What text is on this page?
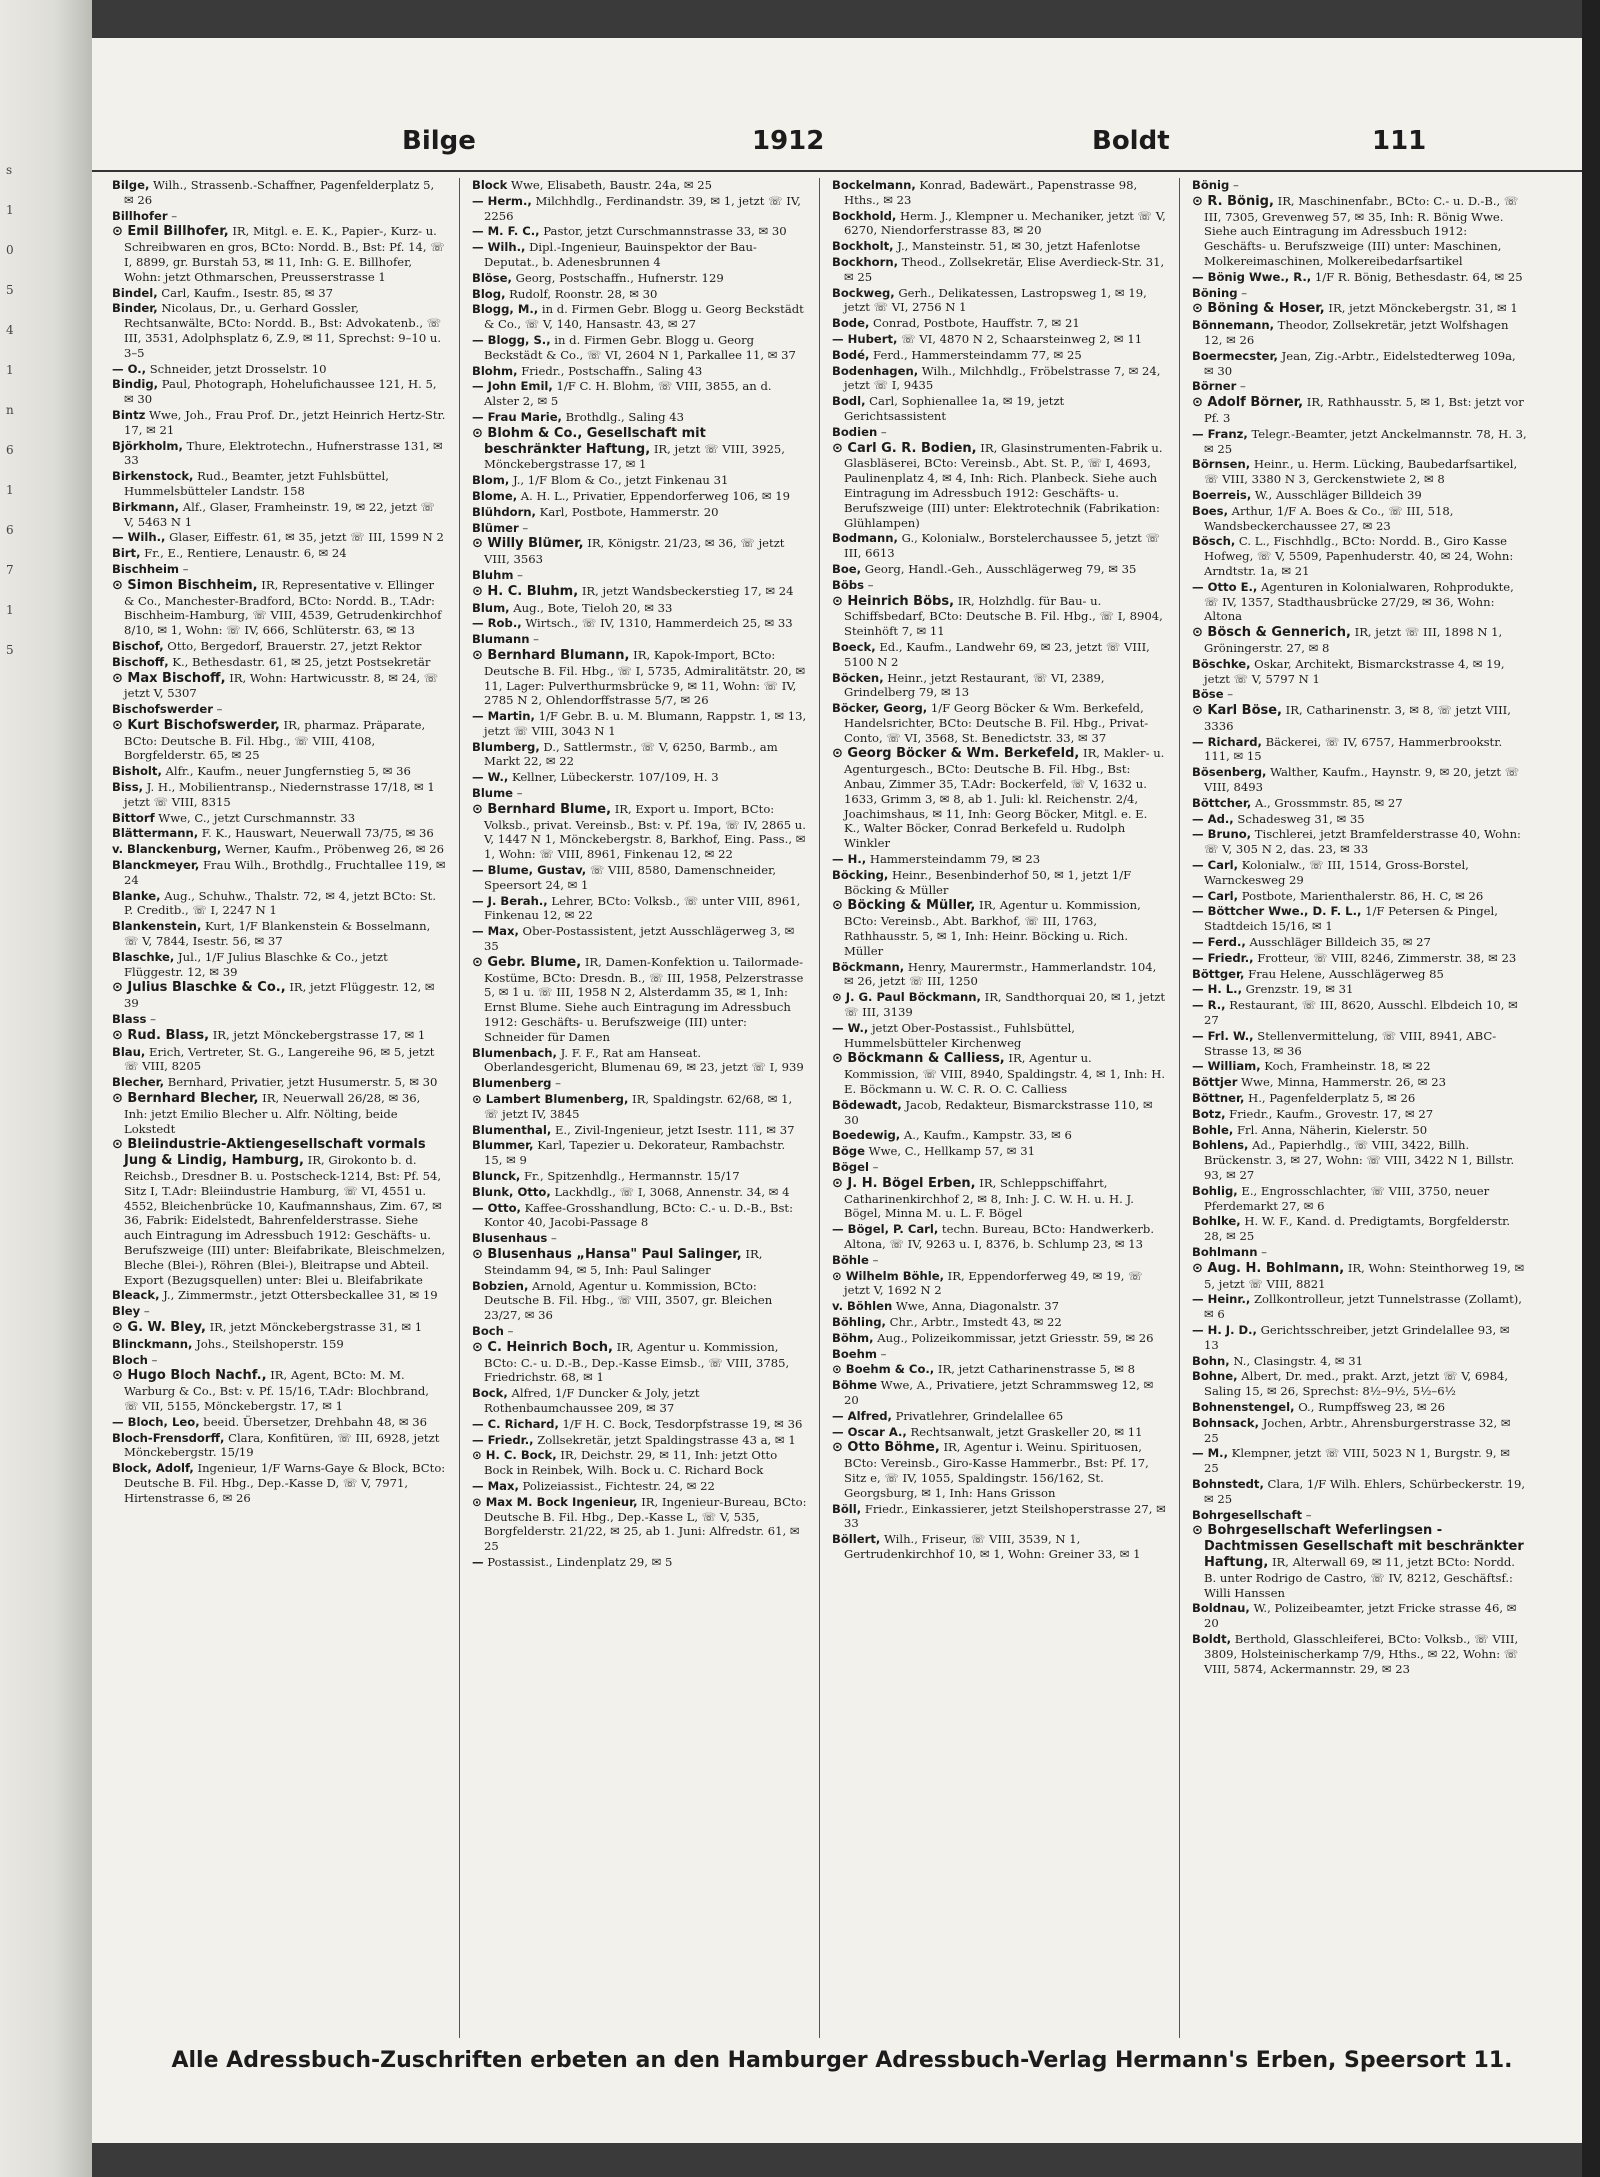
s
1
0
5
4
1
n
6
1
6
7
1
5
Bilge	1912	Boldt	111
Bilge, Wilh., Strassenb.-Schaffner, Pagenfelderplatz 5, ✉ 26
Billhofer –
⊙ Emil Billhofer, IR, Mitgl. e. E. K., Papier-, Kurz- u. Schreibwaren en gros, BCto: Nordd. B., Bst: Pf. 14, ☏ I, 8899, gr. Burstah 53, ✉ 11, Inh: G. E. Billhofer, Wohn: jetzt Othmarschen, Preusserstrasse 1
Bindel, Carl, Kaufm., Isestr. 85, ✉ 37
Binder, Nicolaus, Dr., u. Gerhard Gossler, Rechtsanwälte, BCto: Nordd. B., Bst: Advokatenb., ☏ III, 3531, Adolphsplatz 6, Z.9, ✉ 11, Sprechst: 9–10 u. 3–5
— O., Schneider, jetzt Drosselstr. 10
Bindig, Paul, Photograph, Hohelufichaussee 121, H. 5, ✉ 30
Bintz Wwe, Joh., Frau Prof. Dr., jetzt Heinrich Hertz-Str. 17, ✉ 21
Björkholm, Thure, Elektrotechn., Hufnerstrasse 131, ✉ 33
Birkenstock, Rud., Beamter, jetzt Fuhlsbüttel, Hummelsbütteler Landstr. 158
Birkmann, Alf., Glaser, Framheinstr. 19, ✉ 22, jetzt ☏ V, 5463 N 1
— Wilh., Glaser, Eiffestr. 61, ✉ 35, jetzt ☏ III, 1599 N 2
Birt, Fr., E., Rentiere, Lenaustr. 6, ✉ 24
Bischheim –
⊙ Simon Bischheim, IR, Representative v. Ellinger & Co., Manchester-Bradford, BCto: Nordd. B., T.Adr: Bischheim-Hamburg, ☏ VIII, 4539, Getrudenkirchhof 8/10, ✉ 1, Wohn: ☏ IV, 666, Schlüterstr. 63, ✉ 13
Bischof, Otto, Bergedorf, Brauerstr. 27, jetzt Rektor
Bischoff, K., Bethesdastr. 61, ✉ 25, jetzt Postsekretär
⊙ Max Bischoff, IR, Wohn: Hartwicusstr. 8, ✉ 24, ☏ jetzt V, 5307
Bischofswerder –
⊙ Kurt Bischofswerder, IR, pharmaz. Präparate, BCto: Deutsche B. Fil. Hbg., ☏ VIII, 4108, Borgfelderstr. 65, ✉ 25
Bisholt, Alfr., Kaufm., neuer Jungfernstieg 5, ✉ 36
Biss, J. H., Mobilientransp., Niedernstrasse 17/18, ✉ 1 jetzt ☏ VIII, 8315
Bittorf Wwe, C., jetzt Curschmannstr. 33
Blättermann, F. K., Hauswart, Neuerwall 73/75, ✉ 36
v. Blanckenburg, Werner, Kaufm., Pröbenweg 26, ✉ 26
Blanckmeyer, Frau Wilh., Brothdlg., Fruchtallee 119, ✉ 24
Blanke, Aug., Schuhw., Thalstr. 72, ✉ 4, jetzt BCto: St. P. Creditb., ☏ I, 2247 N 1
Blankenstein, Kurt, 1/F Blankenstein & Bosselmann, ☏ V, 7844, Isestr. 56, ✉ 37
Blaschke, Jul., 1/F Julius Blaschke & Co., jetzt Flüggestr. 12, ✉ 39
⊙ Julius Blaschke & Co., IR, jetzt Flüggestr. 12, ✉ 39
Blass –
⊙ Rud. Blass, IR, jetzt Mönckebergstrasse 17, ✉ 1
Blau, Erich, Vertreter, St. G., Langereihe 96, ✉ 5, jetzt ☏ VIII, 8205
Blecher, Bernhard, Privatier, jetzt Husumerstr. 5, ✉ 30
⊙ Bernhard Blecher, IR, Neuerwall 26/28, ✉ 36, Inh: jetzt Emilio Blecher u. Alfr. Nölting, beide Lokstedt
⊙ Bleiindustrie-Aktiengesellschaft vormals Jung & Lindig, Hamburg, IR, Girokonto b. d. Reichsb., Dresdner B. u. Postscheck-1214, Bst: Pf. 54, Sitz I, T.Adr: Bleiindustrie Hamburg, ☏ VI, 4551 u. 4552, Bleichenbrücke 10, Kaufmannshaus, Zim. 67, ✉ 36, Fabrik: Eidelstedt, Bahrenfelderstrasse. Siehe auch Eintragung im Adressbuch 1912: Geschäfts- u. Berufszweige (III) unter: Bleifabrikate, Bleischmelzen, Bleche (Blei-), Röhren (Blei-), Bleitrapse und Abteil. Export (Bezugsquellen) unter: Blei u. Bleifabrikate
Bleack, J., Zimmermstr., jetzt Ottersbeckallee 31, ✉ 19
Bley –
⊙ G. W. Bley, IR, jetzt Mönckebergstrasse 31, ✉ 1
Blinckmann, Johs., Steilshoperstr. 159
Bloch –
⊙ Hugo Bloch Nachf., IR, Agent, BCto: M. M. Warburg & Co., Bst: v. Pf. 15/16, T.Adr: Blochbrand, ☏ VII, 5155, Mönckebergstr. 17, ✉ 1
— Bloch, Leo, beeid. Übersetzer, Drehbahn 48, ✉ 36
Bloch-Frensdorff, Clara, Konfitüren, ☏ III, 6928, jetzt Mönckebergstr. 15/19
Block, Adolf, Ingenieur, 1/F Warns-Gaye & Block, BCto: Deutsche B. Fil. Hbg., Dep.-Kasse D, ☏ V, 7971, Hirtenstrasse 6, ✉ 26
Block Wwe, Elisabeth, Baustr. 24a, ✉ 25
— Herm., Milchhdlg., Ferdinandstr. 39, ✉ 1, jetzt ☏ IV, 2256
— M. F. C., Pastor, jetzt Curschmannstrasse 33, ✉ 30
— Wilh., Dipl.-Ingenieur, Bauinspektor der Bau-Deputat., b. Adenesbrunnen 4
Blöse, Georg, Postschaffn., Hufnerstr. 129
Blog, Rudolf, Roonstr. 28, ✉ 30
Blogg, M., in d. Firmen Gebr. Blogg u. Georg Beckstädt & Co., ☏ V, 140, Hansastr. 43, ✉ 27
— Blogg, S., in d. Firmen Gebr. Blogg u. Georg Beckstädt & Co., ☏ VI, 2604 N 1, Parkallee 11, ✉ 37
Blohm, Friedr., Postschaffn., Saling 43
— John Emil, 1/F C. H. Blohm, ☏ VIII, 3855, an d. Alster 2, ✉ 5
— Frau Marie, Brothdlg., Saling 43
⊙ Blohm & Co., Gesellschaft mit beschränkter Haftung, IR, jetzt ☏ VIII, 3925, Mönckebergstrasse 17, ✉ 1
Blom, J., 1/F Blom & Co., jetzt Finkenau 31
Blome, A. H. L., Privatier, Eppendorferweg 106, ✉ 19
Blühdorn, Karl, Postbote, Hammerstr. 20
Blümer –
⊙ Willy Blümer, IR, Königstr. 21/23, ✉ 36, ☏ jetzt VIII, 3563
Bluhm –
⊙ H. C. Bluhm, IR, jetzt Wandsbeckerstieg 17, ✉ 24
Blum, Aug., Bote, Tieloh 20, ✉ 33
— Rob., Wirtsch., ☏ IV, 1310, Hammerdeich 25, ✉ 33
Blumann –
⊙ Bernhard Blumann, IR, Kapok-Import, BCto: Deutsche B. Fil. Hbg., ☏ I, 5735, Admiralitätstr. 20, ✉ 11, Lager: Pulverthurmsbrücke 9, ✉ 11, Wohn: ☏ IV, 2785 N 2, Ohlendorffstrasse 5/7, ✉ 26
— Martin, 1/F Gebr. B. u. M. Blumann, Rappstr. 1, ✉ 13, jetzt ☏ VIII, 3043 N 1
Blumberg, D., Sattlermstr., ☏ V, 6250, Barmb., am Markt 22, ✉ 22
— W., Kellner, Lübeckerstr. 107/109, H. 3
Blume –
⊙ Bernhard Blume, IR, Export u. Import, BCto: Volksb., privat. Vereinsb., Bst: v. Pf. 19a, ☏ IV, 2865 u. V, 1447 N 1, Mönckebergstr. 8, Barkhof, Eing. Pass., ✉ 1, Wohn: ☏ VIII, 8961, Finkenau 12, ✉ 22
— Blume, Gustav, ☏ VIII, 8580, Damenschneider, Speersort 24, ✉ 1
— J. Berah., Lehrer, BCto: Volksb., ☏ unter VIII, 8961, Finkenau 12, ✉ 22
— Max, Ober-Postassistent, jetzt Ausschlägerweg 3, ✉ 35
⊙ Gebr. Blume, IR, Damen-Konfektion u. Tailormade-Kostüme, BCto: Dresdn. B., ☏ III, 1958, Pelzerstrasse 5, ✉ 1 u. ☏ III, 1958 N 2, Alsterdamm 35, ✉ 1, Inh: Ernst Blume. Siehe auch Eintragung im Adressbuch 1912: Geschäfts- u. Berufszweige (III) unter: Schneider für Damen
Blumenbach, J. F. F., Rat am Hanseat. Oberlandesgericht, Blumenau 69, ✉ 23, jetzt ☏ I, 939
Blumenberg –
⊙ Lambert Blumenberg, IR, Spaldingstr. 62/68, ✉ 1, ☏ jetzt IV, 3845
Blumenthal, E., Zivil-Ingenieur, jetzt Isestr. 111, ✉ 37
Blummer, Karl, Tapezier u. Dekorateur, Rambachstr. 15, ✉ 9
Blunck, Fr., Spitzenhdlg., Hermannstr. 15/17
Blunk, Otto, Lackhdlg., ☏ I, 3068, Annenstr. 34, ✉ 4
— Otto, Kaffee-Grosshandlung, BCto: C.- u. D.-B., Bst: Kontor 40, Jacobi-Passage 8
Blusenhaus –
⊙ Blusenhaus „Hansa" Paul Salinger, IR, Steindamm 94, ✉ 5, Inh: Paul Salinger
Bobzien, Arnold, Agentur u. Kommission, BCto: Deutsche B. Fil. Hbg., ☏ VIII, 3507, gr. Bleichen 23/27, ✉ 36
Boch –
⊙ C. Heinrich Boch, IR, Agentur u. Kommission, BCto: C.- u. D.-B., Dep.-Kasse Eimsb., ☏ VIII, 3785, Friedrichstr. 68, ✉ 1
Bock, Alfred, 1/F Duncker & Joly, jetzt Rothenbaumchaussee 209, ✉ 37
— C. Richard, 1/F H. C. Bock, Tesdorpfstrasse 19, ✉ 36
— Friedr., Zollsekretär, jetzt Spaldingstrasse 43 a, ✉ 1
⊙ H. C. Bock, IR, Deichstr. 29, ✉ 11, Inh: jetzt Otto Bock in Reinbek, Wilh. Bock u. C. Richard Bock
— Max, Polizeiassist., Fichtestr. 24, ✉ 22
⊙ Max M. Bock Ingenieur, IR, Ingenieur-Bureau, BCto: Deutsche B. Fil. Hbg., Dep.-Kasse L, ☏ V, 535, Borgfelderstr. 21/22, ✉ 25, ab 1. Juni: Alfredstr. 61, ✉ 25
— Postassist., Lindenplatz 29, ✉ 5
Bockelmann, Konrad, Badewärt., Papenstrasse 98, Hths., ✉ 23
Bockhold, Herm. J., Klempner u. Mechaniker, jetzt ☏ V, 6270, Niendorferstrasse 83, ✉ 20
Bockholt, J., Mansteinstr. 51, ✉ 30, jetzt Hafenlotse
Bockhorn, Theod., Zollsekretär, Elise Averdieck-Str. 31, ✉ 25
Bockweg, Gerh., Delikatessen, Lastropsweg 1, ✉ 19, jetzt ☏ VI, 2756 N 1
Bode, Conrad, Postbote, Hauffstr. 7, ✉ 21
— Hubert, ☏ VI, 4870 N 2, Schaarsteinweg 2, ✉ 11
Bodé, Ferd., Hammersteindamm 77, ✉ 25
Bodenhagen, Wilh., Milchhdlg., Fröbelstrasse 7, ✉ 24, jetzt ☏ I, 9435
Bodl, Carl, Sophienallee 1a, ✉ 19, jetzt Gerichtsassistent
Bodien –
⊙ Carl G. R. Bodien, IR, Glasinstrumenten-Fabrik u. Glasbläserei, BCto: Vereinsb., Abt. St. P., ☏ I, 4693, Paulinenplatz 4, ✉ 4, Inh: Rich. Planbeck. Siehe auch Eintragung im Adressbuch 1912: Geschäfts- u. Berufszweige (III) unter: Elektrotechnik (Fabrikation: Glühlampen)
Bodmann, G., Kolonialw., Borstelerchaussee 5, jetzt ☏ III, 6613
Boe, Georg, Handl.-Geh., Ausschlägerweg 79, ✉ 35
Böbs –
⊙ Heinrich Böbs, IR, Holzhdlg. für Bau- u. Schiffsbedarf, BCto: Deutsche B. Fil. Hbg., ☏ I, 8904, Steinhöft 7, ✉ 11
Boeck, Ed., Kaufm., Landwehr 69, ✉ 23, jetzt ☏ VIII, 5100 N 2
Böcken, Heinr., jetzt Restaurant, ☏ VI, 2389, Grindelberg 79, ✉ 13
Böcker, Georg, 1/F Georg Böcker & Wm. Berkefeld, Handelsrichter, BCto: Deutsche B. Fil. Hbg., Privat-Conto, ☏ VI, 3568, St. Benedictstr. 33, ✉ 37
⊙ Georg Böcker & Wm. Berkefeld, IR, Makler- u. Agenturgesch., BCto: Deutsche B. Fil. Hbg., Bst: Anbau, Zimmer 35, T.Adr: Bockerfeld, ☏ V, 1632 u. 1633, Grimm 3, ✉ 8, ab 1. Juli: kl. Reichenstr. 2/4, Joachimshaus, ✉ 11, Inh: Georg Böcker, Mitgl. e. E. K., Walter Böcker, Conrad Berkefeld u. Rudolph Winkler
— H., Hammersteindamm 79, ✉ 23
Böcking, Heinr., Besenbinderhof 50, ✉ 1, jetzt 1/F Böcking & Müller
⊙ Böcking & Müller, IR, Agentur u. Kommission, BCto: Vereinsb., Abt. Barkhof, ☏ III, 1763, Rathhausstr. 5, ✉ 1, Inh: Heinr. Böcking u. Rich. Müller
Böckmann, Henry, Maurermstr., Hammerlandstr. 104, ✉ 26, jetzt ☏ III, 1250
⊙ J. G. Paul Böckmann, IR, Sandthorquai 20, ✉ 1, jetzt ☏ III, 3139
— W., jetzt Ober-Postassist., Fuhlsbüttel, Hummelsbütteler Kirchenweg
⊙ Böckmann & Calliess, IR, Agentur u. Kommission, ☏ VIII, 8940, Spaldingstr. 4, ✉ 1, Inh: H. E. Böckmann u. W. C. R. O. C. Calliess
Bödewadt, Jacob, Redakteur, Bismarckstrasse 110, ✉ 30
Boedewig, A., Kaufm., Kampstr. 33, ✉ 6
Böge Wwe, C., Hellkamp 57, ✉ 31
Bögel –
⊙ J. H. Bögel Erben, IR, Schleppschiffahrt, Catharinenkirchhof 2, ✉ 8, Inh: J. C. W. H. u. H. J. Bögel, Minna M. u. L. F. Bögel
— Bögel, P. Carl, techn. Bureau, BCto: Handwerkerb. Altona, ☏ IV, 9263 u. I, 8376, b. Schlump 23, ✉ 13
Böhle –
⊙ Wilhelm Böhle, IR, Eppendorferweg 49, ✉ 19, ☏ jetzt V, 1692 N 2
v. Böhlen Wwe, Anna, Diagonalstr. 37
Böhling, Chr., Arbtr., Imstedt 43, ✉ 22
Böhm, Aug., Polizeikommissar, jetzt Griesstr. 59, ✉ 26
Boehm –
⊙ Boehm & Co., IR, jetzt Catharinenstrasse 5, ✉ 8
Böhme Wwe, A., Privatiere, jetzt Schrammsweg 12, ✉ 20
— Alfred, Privatlehrer, Grindelallee 65
— Oscar A., Rechtsanwalt, jetzt Graskeller 20, ✉ 11
⊙ Otto Böhme, IR, Agentur i. Weinu. Spirituosen, BCto: Vereinsb., Giro-Kasse Hammerbr., Bst: Pf. 17, Sitz e, ☏ IV, 1055, Spaldingstr. 156/162, St. Georgsburg, ✉ 1, Inh: Hans Grisson
Böll, Friedr., Einkassierer, jetzt Steilshoperstrasse 27, ✉ 33
Böllert, Wilh., Friseur, ☏ VIII, 3539, N 1, Gertrudenkirchhof 10, ✉ 1, Wohn: Greiner 33, ✉ 1
Bönig –
⊙ R. Bönig, IR, Maschinenfabr., BCto: C.- u. D.-B., ☏ III, 7305, Grevenweg 57, ✉ 35, Inh: R. Bönig Wwe. Siehe auch Eintragung im Adressbuch 1912: Geschäfts- u. Berufszweige (III) unter: Maschinen, Molkereimaschinen, Molkereibedarfsartikel
— Bönig Wwe., R., 1/F R. Bönig, Bethesdastr. 64, ✉ 25
Böning –
⊙ Böning & Hoser, IR, jetzt Mönckebergstr. 31, ✉ 1
Bönnemann, Theodor, Zollsekretär, jetzt Wolfshagen 12, ✉ 26
Boermecster, Jean, Zig.-Arbtr., Eidelstedterweg 109a, ✉ 30
Börner –
⊙ Adolf Börner, IR, Rathhausstr. 5, ✉ 1, Bst: jetzt vor Pf. 3
— Franz, Telegr.-Beamter, jetzt Anckelmannstr. 78, H. 3, ✉ 25
Börnsen, Heinr., u. Herm. Lücking, Baubedarfsartikel, ☏ VIII, 3380 N 3, Gerckenstwiete 2, ✉ 8
Boerreis, W., Ausschläger Billdeich 39
Boes, Arthur, 1/F A. Boes & Co., ☏ III, 518, Wandsbeckerchaussee 27, ✉ 23
Bösch, C. L., Fischhdlg., BCto: Nordd. B., Giro Kasse Hofweg, ☏ V, 5509, Papenhuderstr. 40, ✉ 24, Wohn: Arndtstr. 1a, ✉ 21
— Otto E., Agenturen in Kolonialwaren, Rohprodukte, ☏ IV, 1357, Stadthausbrücke 27/29, ✉ 36, Wohn: Altona
⊙ Bösch & Gennerich, IR, jetzt ☏ III, 1898 N 1, Gröningerstr. 27, ✉ 8
Böschke, Oskar, Architekt, Bismarckstrasse 4, ✉ 19, jetzt ☏ V, 5797 N 1
Böse –
⊙ Karl Böse, IR, Catharinenstr. 3, ✉ 8, ☏ jetzt VIII, 3336
— Richard, Bäckerei, ☏ IV, 6757, Hammerbrookstr. 111, ✉ 15
Bösenberg, Walther, Kaufm., Haynstr. 9, ✉ 20, jetzt ☏ VIII, 8493
Böttcher, A., Grossmmstr. 85, ✉ 27
— Ad., Schadesweg 31, ✉ 35
— Bruno, Tischlerei, jetzt Bramfelderstrasse 40, Wohn: ☏ V, 305 N 2, das. 23, ✉ 33
— Carl, Kolonialw., ☏ III, 1514, Gross-Borstel, Warnckesweg 29
— Carl, Postbote, Marienthalerstr. 86, H. C, ✉ 26
— Böttcher Wwe., D. F. L., 1/F Petersen & Pingel, Stadtdeich 15/16, ✉ 1
— Ferd., Ausschläger Billdeich 35, ✉ 27
— Friedr., Frotteur, ☏ VIII, 8246, Zimmerstr. 38, ✉ 23
Böttger, Frau Helene, Ausschlägerweg 85
— H. L., Grenzstr. 19, ✉ 31
— R., Restaurant, ☏ III, 8620, Ausschl. Elbdeich 10, ✉ 27
— Frl. W., Stellenvermittelung, ☏ VIII, 8941, ABC-Strasse 13, ✉ 36
— William, Koch, Framheinstr. 18, ✉ 22
Böttjer Wwe, Minna, Hammerstr. 26, ✉ 23
Böttner, H., Pagenfelderplatz 5, ✉ 26
Botz, Friedr., Kaufm., Grovestr. 17, ✉ 27
Bohle, Frl. Anna, Näherin, Kielerstr. 50
Bohlens, Ad., Papierhdlg., ☏ VIII, 3422, Billh. Brückenstr. 3, ✉ 27, Wohn: ☏ VIII, 3422 N 1, Billstr. 93, ✉ 27
Bohlig, E., Engrosschlachter, ☏ VIII, 3750, neuer Pferdemarkt 27, ✉ 6
Bohlke, H. W. F., Kand. d. Predigtamts, Borgfelderstr. 28, ✉ 25
Bohlmann –
⊙ Aug. H. Bohlmann, IR, Wohn: Steinthorweg 19, ✉ 5, jetzt ☏ VIII, 8821
— Heinr., Zollkontrolleur, jetzt Tunnelstrasse (Zollamt), ✉ 6
— H. J. D., Gerichtsschreiber, jetzt Grindelallee 93, ✉ 13
Bohn, N., Clasingstr. 4, ✉ 31
Bohne, Albert, Dr. med., prakt. Arzt, jetzt ☏ V, 6984, Saling 15, ✉ 26, Sprechst: 8½–9½, 5½–6½
Bohnenstengel, O., Rumpffsweg 23, ✉ 26
Bohnsack, Jochen, Arbtr., Ahrensburgerstrasse 32, ✉ 25
— M., Klempner, jetzt ☏ VIII, 5023 N 1, Burgstr. 9, ✉ 25
Bohnstedt, Clara, 1/F Wilh. Ehlers, Schürbeckerstr. 19, ✉ 25
Bohrgesellschaft –
⊙ Bohrgesellschaft Weferlingsen - Dachtmissen Gesellschaft mit beschränkter Haftung, IR, Alterwall 69, ✉ 11, jetzt BCto: Nordd. B. unter Rodrigo de Castro, ☏ IV, 8212, Geschäftsf.: Willi Hanssen
Boldnau, W., Polizeibeamter, jetzt Fricke strasse 46, ✉ 20
Boldt, Berthold, Glasschleiferei, BCto: Volksb., ☏ VIII, 3809, Holsteinischerkamp 7/9, Hths., ✉ 22, Wohn: ☏ VIII, 5874, Ackermannstr. 29, ✉ 23
Alle Adressbuch-Zuschriften erbeten an den Hamburger Adressbuch-Verlag Hermann's Erben, Speersort 11.
